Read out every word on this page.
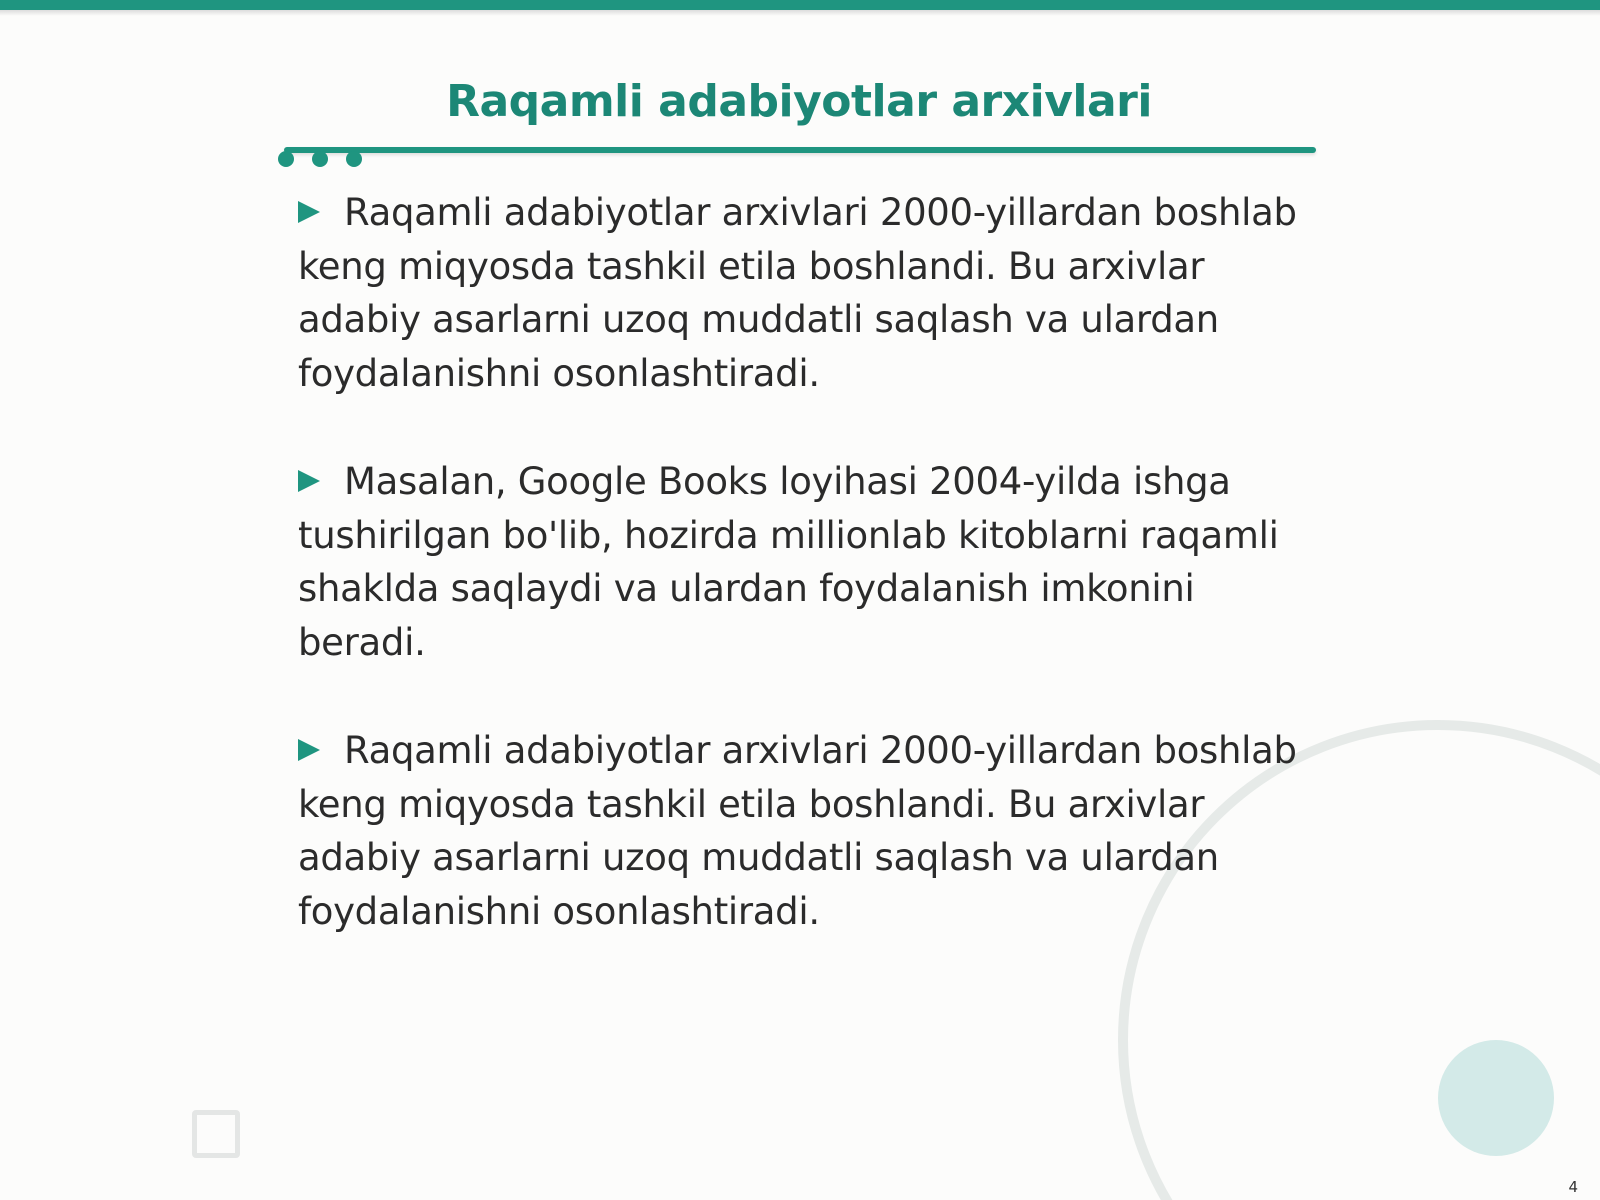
Raqamli adabiyotlar arxivlari

Raqamli adabiyotlar arxivlari 2000-yillardan boshlab keng miqyosda tashkil etila boshlandi. Bu arxivlar adabiy asarlarni uzoq muddatli saqlash va ulardan foydalanishni osonlashtiradi.

Masalan, Google Books loyihasi 2004-yilda ishga tushirilgan bo'lib, hozirda millionlab kitoblarni raqamli shaklda saqlaydi va ulardan foydalanish imkonini beradi.

Raqamli adabiyotlar arxivlari 2000-yillardan boshlab keng miqyosda tashkil etila boshlandi. Bu arxivlar adabiy asarlarni uzoq muddatli saqlash va ulardan foydalanishni osonlashtiradi.

4
